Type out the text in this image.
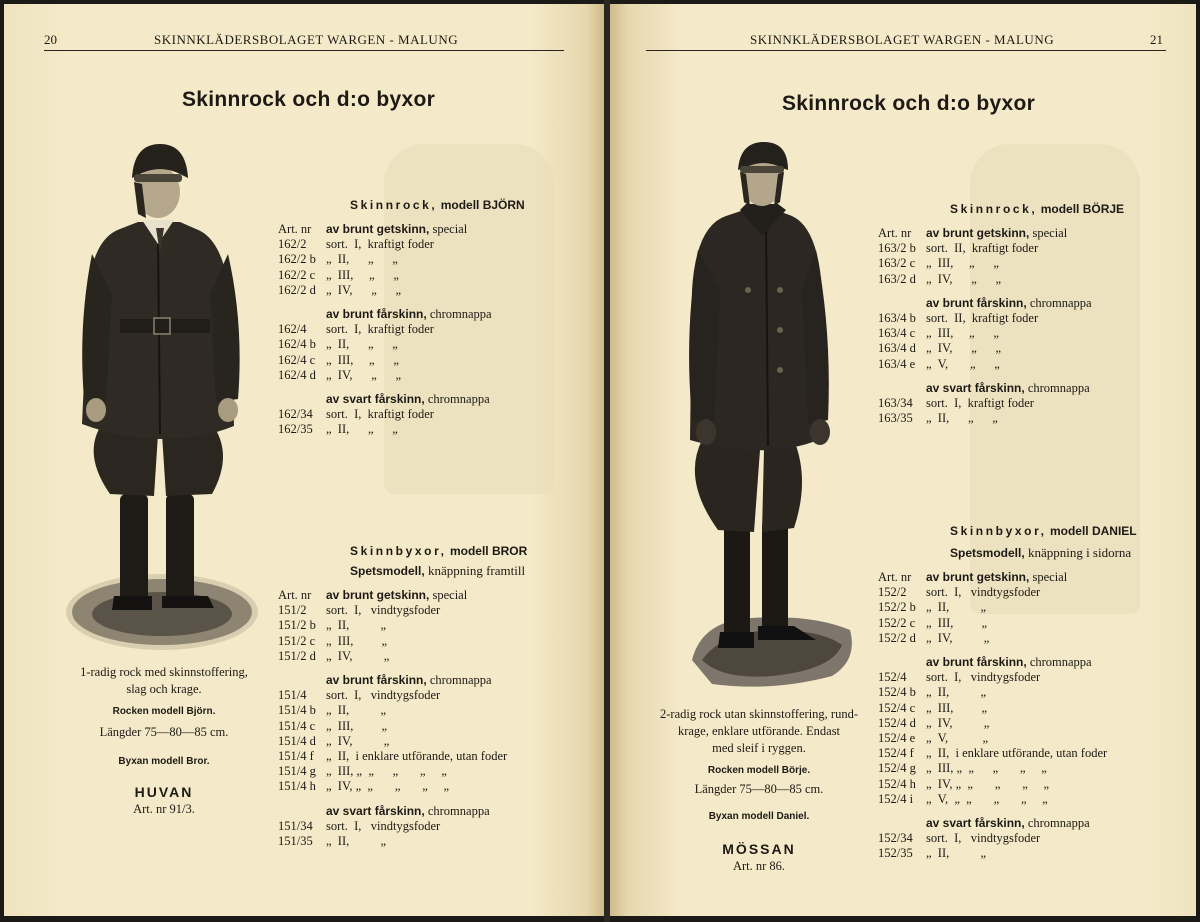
20	SKINNKLÄDERSBOLAGET WARGEN - MALUNG
Skinnrock och d:o byxor
Skinnrock, modell BJÖRN
Art. nr	av brunt getskinn, special
162/2	sort.  I,  kraftigt foder
162/2 b „  II,      „      „
162/2 c „  III,     „      „
162/2 d „  IV,      „      „
av brunt fårskinn, chromnappa
162/4	sort.  I,  kraftigt foder
162/4 b „  II,      „      „
162/4 c „  III,     „      „
162/4 d „  IV,      „      „
av svart fårskinn, chromnappa
162/34	sort.  I,  kraftigt foder
162/35	„  II,      „      „
Skinnbyxor, modell BROR
Spetsmodell, knäppning framtill
Art. nr	av brunt getskinn, special
151/2	sort.  I,   vindtygsfoder
151/2 b „  II,          „
151/2 c „  III,         „
151/2 d „  IV,          „
av brunt fårskinn, chromnappa
151/4	sort.  I,   vindtygsfoder
151/4 b „  II,          „
151/4 c „  III,         „
151/4 d „  IV,          „
151/4 f „  II,  i enklare utförande, utan foder
151/4 g „  III, „  „      „       „     „
151/4 h „  IV, „  „       „       „     „
av svart fårskinn, chromnappa
151/34	sort.  I,   vindtygsfoder
151/35	„  II,          „
1-radig rock med skinnstoffering,
slag och krage.
Rocken modell Björn.
Längder 75—80—85 cm.
Byxan modell Bror.
HUVAN
Art. nr 91/3.
SKINNKLÄDERSBOLAGET WARGEN - MALUNG	21
Skinnrock och d:o byxor
Skinnrock, modell BÖRJE
Art. nr	av brunt getskinn, special
163/2 b sort.  II,  kraftigt foder
163/2 c „  III,     „      „
163/2 d „  IV,      „      „
av brunt fårskinn, chromnappa
163/4 b sort.  II,  kraftigt foder
163/4 c „  III,     „      „
163/4 d „  IV,      „      „
163/4 e „  V,       „      „
av svart fårskinn, chromnappa
163/34	sort.  I,  kraftigt foder
163/35	„  II,      „      „
Skinnbyxor, modell DANIEL
Spetsmodell, knäppning i sidorna
Art. nr	av brunt getskinn, special
152/2	sort.  I,   vindtygsfoder
152/2 b „  II,          „
152/2 c „  III,         „
152/2 d „  IV,          „
av brunt fårskinn, chromnappa
152/4	sort.  I,   vindtygsfoder
152/4 b „  II,          „
152/4 c „  III,         „
152/4 d „  IV,          „
152/4 e „  V,           „
152/4 f „  II,  i enklare utförande, utan foder
152/4 g „  III, „  „      „       „     „
152/4 h „  IV, „  „       „       „     „
152/4 i	„  V,  „  „       „       „     „
av svart fårskinn, chromnappa
152/34	sort.  I,   vindtygsfoder
152/35	„  II,          „
2-radig rock utan skinnstoffering, rund-
krage, enklare utförande. Endast
med sleif i ryggen.
Rocken modell Börje.
Längder 75—80—85 cm.
Byxan modell Daniel.
MÖSSAN
Art. nr 86.
